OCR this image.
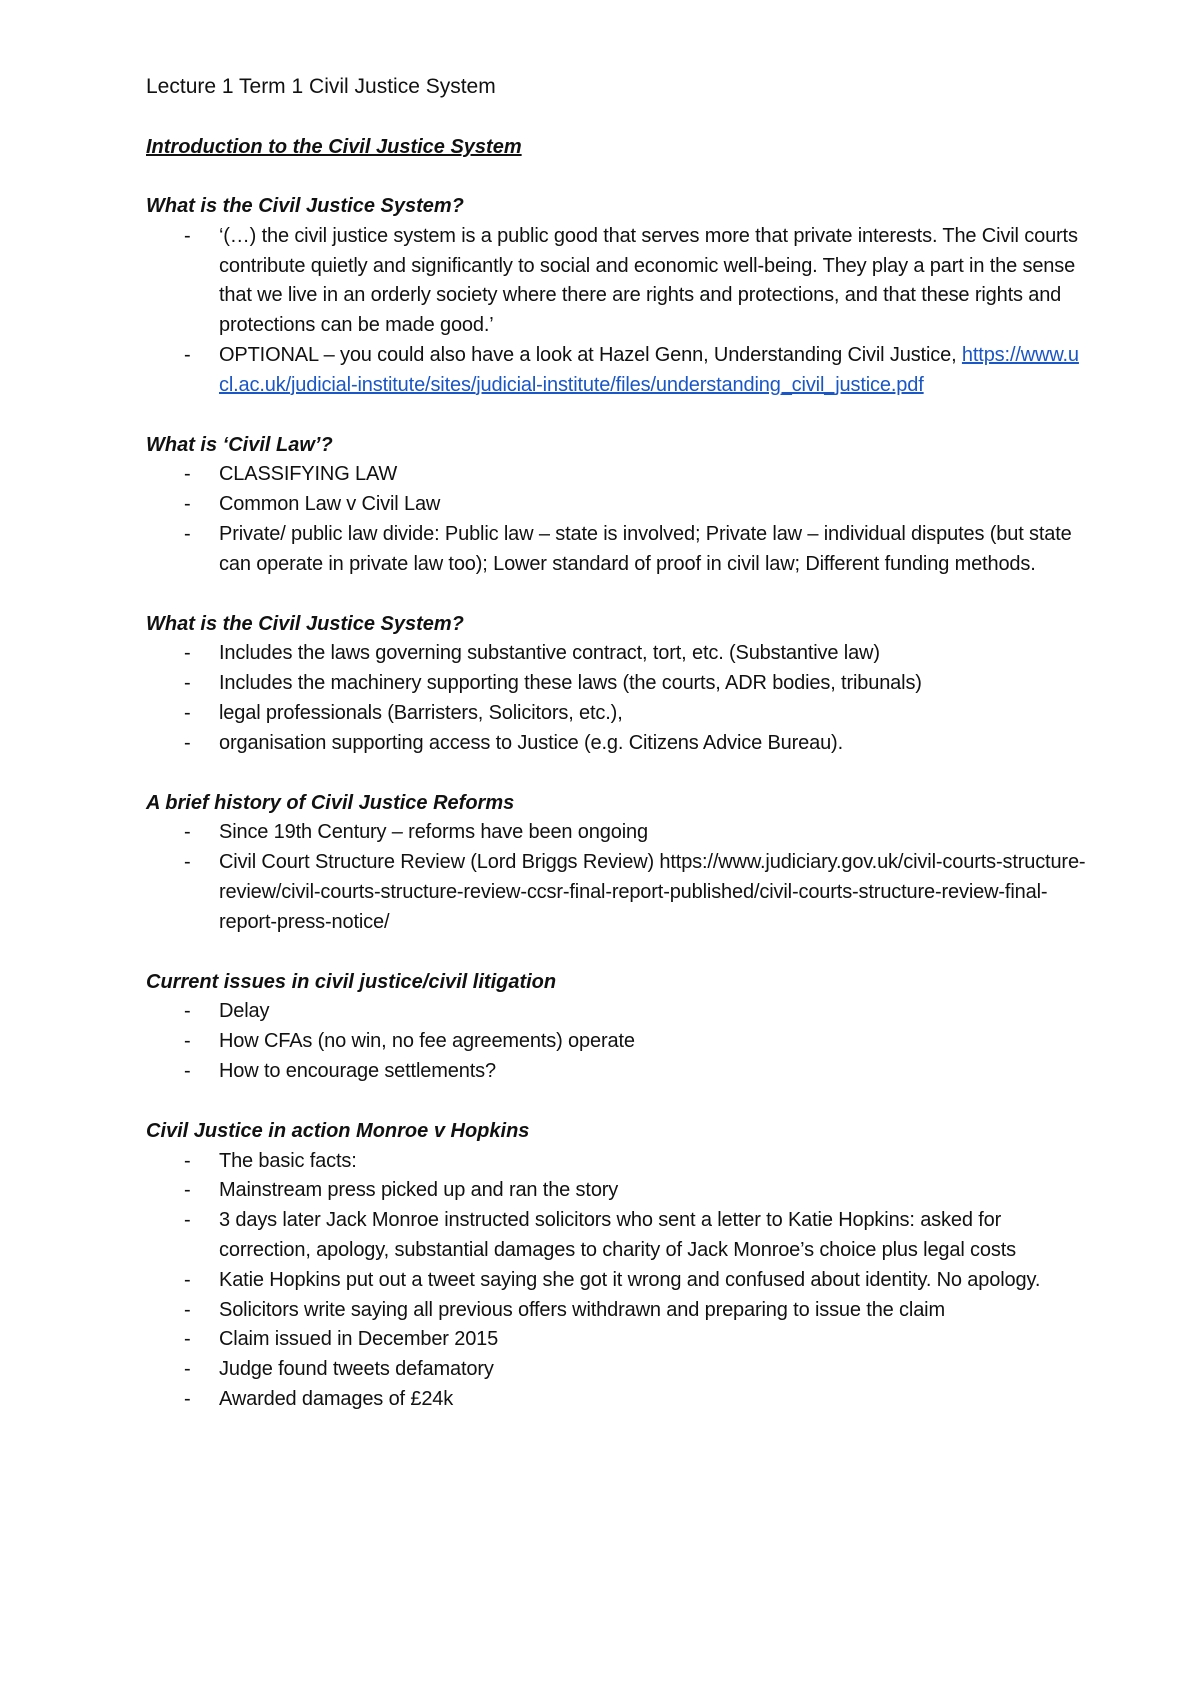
Lecture 1 Term 1 Civil Justice System
Introduction to the Civil Justice System
What is the Civil Justice System?
- ‘(…) the civil justice system is a public good that serves more that private interests. The Civil courts contribute quietly and significantly to social and economic well-being. They play a part in the sense that we live in an orderly society where there are rights and protections, and that these rights and protections can be made good.’
- OPTIONAL – you could also have a look at Hazel Genn, Understanding Civil Justice, https://www.ucl.ac.uk/judicial-institute/sites/judicial-institute/files/understanding_civil_justice.pdf
What is ‘Civil Law’?
- CLASSIFYING LAW
- Common Law v Civil Law
- Private/ public law divide: Public law – state is involved; Private law – individual disputes (but state can operate in private law too); Lower standard of proof in civil law; Different funding methods.
What is the Civil Justice System?
- Includes the laws governing substantive contract, tort, etc. (Substantive law)
- Includes the machinery supporting these laws (the courts, ADR bodies, tribunals)
- legal professionals (Barristers, Solicitors, etc.),
- organisation supporting access to Justice (e.g. Citizens Advice Bureau).
A brief history of Civil Justice Reforms
- Since 19th Century – reforms have been ongoing
- Civil Court Structure Review (Lord Briggs Review) https://www.judiciary.gov.uk/civil-courts-structure-review/civil-courts-structure-review-ccsr-final-report-published/civil-courts-structure-review-final-report-press-notice/
Current issues in civil justice/civil litigation
- Delay
- How CFAs (no win, no fee agreements) operate
- How to encourage settlements?
Civil Justice in action Monroe v Hopkins
- The basic facts:
- Mainstream press picked up and ran the story
- 3 days later Jack Monroe instructed solicitors who sent a letter to Katie Hopkins: asked for correction, apology, substantial damages to charity of Jack Monroe’s choice plus legal costs
- Katie Hopkins put out a tweet saying she got it wrong and confused about identity. No apology.
- Solicitors write saying all previous offers withdrawn and preparing to issue the claim
- Claim issued in December 2015
- Judge found tweets defamatory
- Awarded damages of £24k
